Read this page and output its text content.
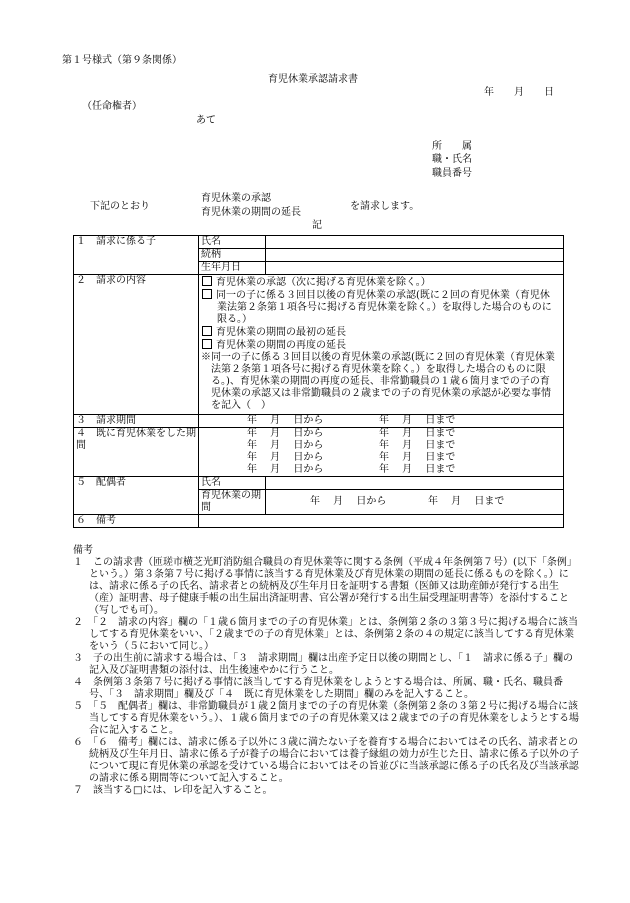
第１号様式（第９条関係）
育児休業承認請求書
年　　月　　日
（任命権者）
あて
所　　属
職・氏名
職員番号
下記のとおり
育児休業の承認
育児休業の期間の延長
を請求します。
記
１　請求に係る子	氏名	
	続柄	
	生年月日	
２　請求の内容	育児休業の承認（次に掲げる育児休業を除く。）
同一の子に係る３回目以後の育児休業の承認(既に２回の育児休業（育児休業法第２条第１項各号に掲げる育児休業を除く。）を取得した場合のものに限る。）
育児休業の期間の最初の延長
育児休業の期間の再度の延長
※同一の子に係る３回目以後の育児休業の承認(既に２回の育児休業（育児休業法第２条第１項各号に掲げる育児休業を除く。）を取得した場合のものに限る。)、育児休業の期間の再度の延長、非常勤職員の１歳６箇月までの子の育児休業の承認又は非常勤職員の２歳までの子の育児休業の承認が必要な事情を記入（　）	

３　請求期間	年　 月　 日から 年　 月　 日まで	
４　既に育児休業をした期間	年　 月　 日から 年　 月　 日まで
年　 月　 日から 年　 月　 日まで
年　 月　 日から 年　 月　 日まで
年　 月　 日から 年　 月　 日まで	

５　配偶者	氏名	
	育児休業の期間	年　 月　 日から 年　 月　 日まで
６　備考		
備考
１　この請求書（匝瑳市横芝光町消防組合職員の育児休業等に関する条例（平成４年条例第７号）(以下「条例」という。）第３条第７号に掲げる事情に該当する育児休業及び育児休業の期間の延長に係るものを除く。）には、請求に係る子の氏名、請求者との続柄及び生年月日を証明する書類（医師又は助産師が発行する出生（産）証明書、母子健康手帳の出生届出済証明書、官公署が発行する出生届受理証明書等）を添付すること（写しでも可）。
２　「２　請求の内容」欄の「１歳６箇月までの子の育児休業」とは、条例第２条の３第３号に掲げる場合に該当してする育児休業をいい、「２歳までの子の育児休業」とは、条例第２条の４の規定に該当してする育児休業をいう（５において同じ。）
３　子の出生前に請求する場合は、「３　請求期間」欄は出産予定日以後の期間とし、「１　請求に係る子」欄の記入及び証明書類の添付は、出生後速やかに行うこと。
４　条例第３条第７号に掲げる事情に該当してする育児休業をしようとする場合は、所属、職・氏名、職員番号、「３　請求期間」欄及び「４　既に育児休業をした期間」欄のみを記入すること。
５　「５　配偶者」欄は、非常勤職員が１歳２箇月までの子の育児休業（条例第２条の３第２号に掲げる場合に該当してする育児休業をいう。）、１歳６箇月までの子の育児休業又は２歳までの子の育児休業をしようとする場合に記入すること。
６　「６　備考」欄には、請求に係る子以外に３歳に満たない子を養育する場合においてはその氏名、請求者との続柄及び生年月日、請求に係る子が養子の場合においては養子縁組の効力が生じた日、請求に係る子以外の子について現に育児休業の承認を受けている場合においてはその旨並びに当該承認に係る子の氏名及び当該承認の請求に係る期間等について記入すること。
７　該当する□には、レ印を記入すること。
